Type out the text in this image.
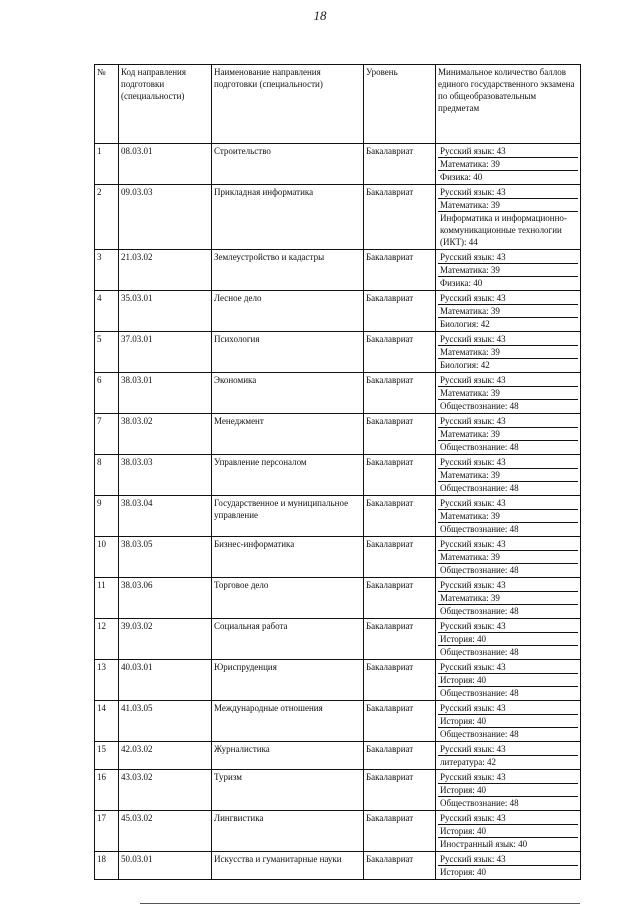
18
№	Код направления подготовки (специальности)	Наименование направления подготовки (специальности)	Уровень	Минимальное количество баллов единого государственного экзамена по общеобразовательным предметам
1	08.03.01	Строительство	Бакалавриат	Русский язык: 43
Математика: 39
Физика: 40

2	09.03.03	Прикладная информатика	Бакалавриат	Русский язык: 43
Математика: 39
Информатика и информационно-коммуникационные технологии (ИКТ): 44

3	21.03.02	Землеустройство и кадастры	Бакалавриат	Русский язык: 43
Математика: 39
Физика: 40

4	35.03.01	Лесное дело	Бакалавриат	Русский язык: 43
Математика: 39
Биология: 42

5	37.03.01	Психология	Бакалавриат	Русский язык: 43
Математика: 39
Биология: 42

6	38.03.01	Экономика	Бакалавриат	Русский язык: 43
Математика: 39
Обществознание: 48

7	38.03.02	Менеджмент	Бакалавриат	Русский язык: 43
Математика: 39
Обществознание: 48

8	38.03.03	Управление персоналом	Бакалавриат	Русский язык: 43
Математика: 39
Обществознание: 48

9	38.03.04	Государственное и муниципальное управление	Бакалавриат	Русский язык: 43
Математика: 39
Обществознание: 48

10	38.03.05	Бизнес-информатика	Бакалавриат	Русский язык: 43
Математика: 39
Обществознание: 48

11	38.03.06	Торговое дело	Бакалавриат	Русский язык: 43
Математика: 39
Обществознание: 48

12	39.03.02	Социальная работа	Бакалавриат	Русский язык: 43
История: 40
Обществознание: 48

13	40.03.01	Юриспруденция	Бакалавриат	Русский язык: 43
История: 40
Обществознание: 48

14	41.03.05	Международные отношения	Бакалавриат	Русский язык: 43
История: 40
Обществознание: 48

15	42.03.02	Журналистика	Бакалавриат	Русский язык: 43
литература: 42

16	43.03.02	Туризм	Бакалавриат	Русский язык: 43
История: 40
Обществознание: 48

17	45.03.02	Лингвистика	Бакалавриат	Русский язык: 43
История: 40
Иностранный язык: 40

18	50.03.01	Искусства и гуманитарные науки	Бакалавриат	Русский язык: 43
История: 40
